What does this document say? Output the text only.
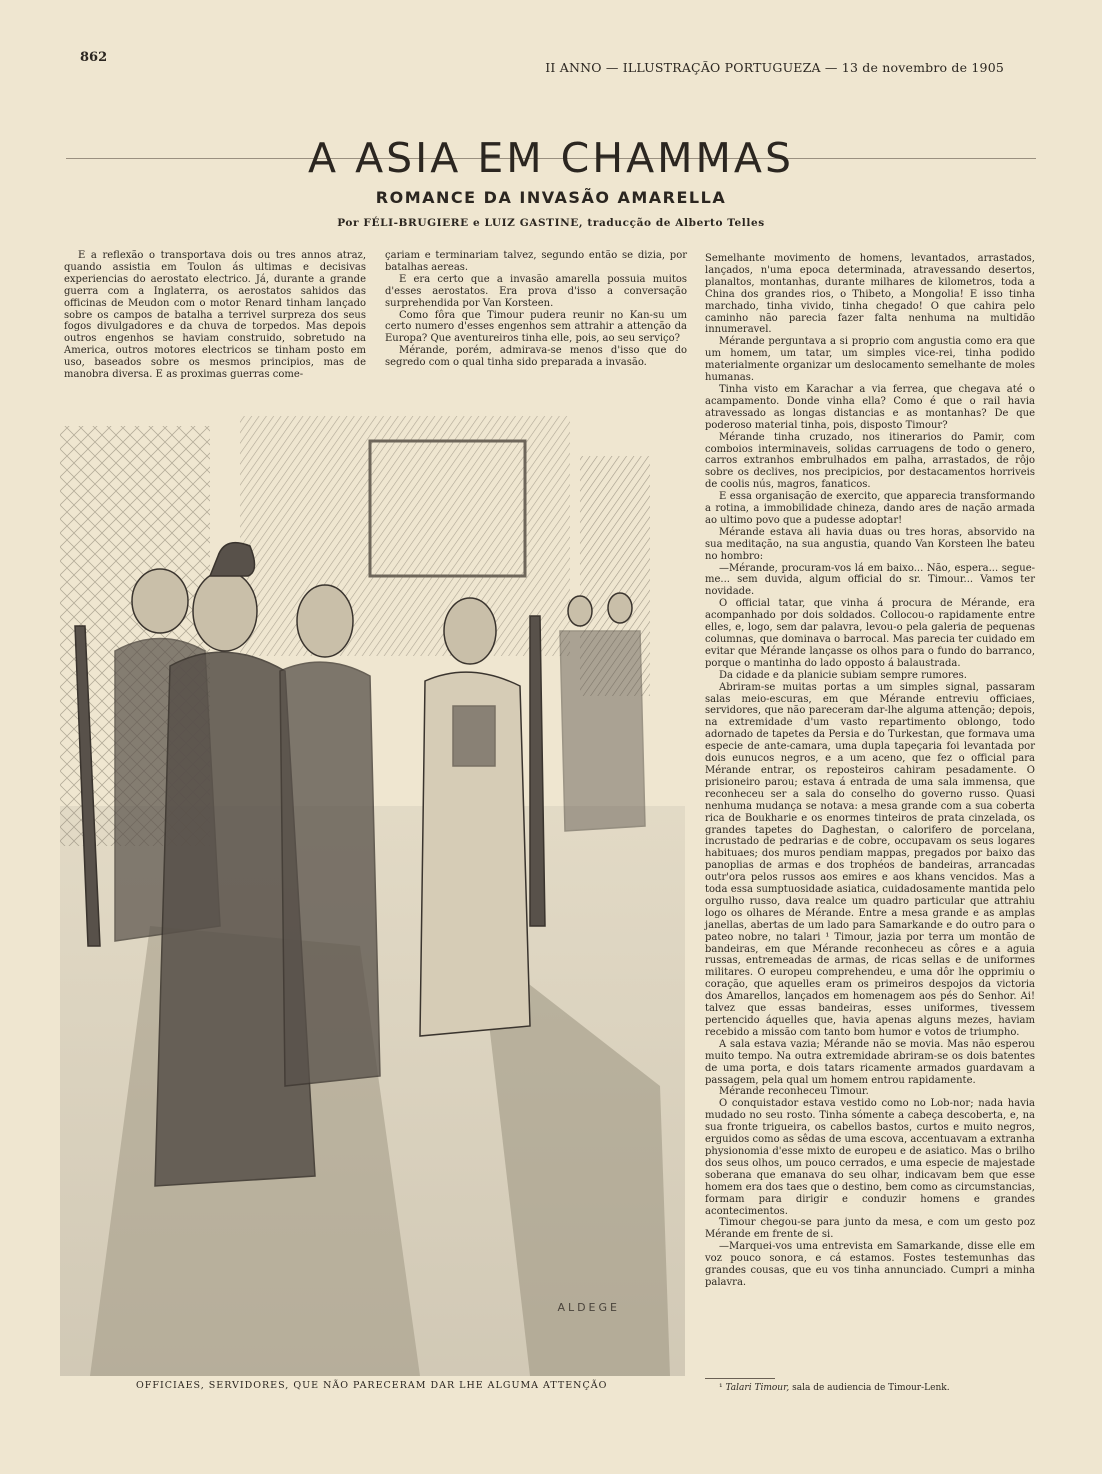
862
II ANNO — ILLUSTRAÇÃO PORTUGUEZA — 13 de novembro de 1905
A ASIA EM CHAMMAS
ROMANCE DA INVASÃO AMARELLA
Por FÉLI-BRUGIERE e LUIZ GASTINE, traducção de Alberto Telles

E a reflexão o transportava dois ou tres annos atraz, quando assistia em Toulon ás ultimas e decisivas experiencias do aerostato electrico. Já, durante a grande guerra com a Inglaterra, os aerostatos sahidos das officinas de Meudon com o motor Renard tinham lançado sobre os campos de batalha a terrivel surpreza dos seus fogos divulgadores e da chuva de torpedos. Mas depois outros engenhos se haviam construido, sobretudo na America, outros motores electricos se tinham posto em uso, baseados sobre os mesmos principios, mas de manobra diversa. E as proximas guerras come-

çariam e terminariam talvez, segundo então se dizia, por batalhas aereas.

E era certo que a invasão amarella possuia muitos d'esses aerostatos. Era prova d'isso a conversação surprehendida por Van Korsteen.

Como fôra que Timour pudera reunir no Kan-su um certo numero d'esses engenhos sem attrahir a attenção da Europa? Que aventureiros tinha elle, pois, ao seu serviço?

Mérande, porém, admirava-se menos d'isso que do segredo com o qual tinha sido preparada a invasão.

Semelhante movimento de homens, levantados, arrastados, lançados, n'uma epoca determinada, atravessando desertos, planaltos, montanhas, durante milhares de kilometros, toda a China dos grandes rios, o Thibeto, a Mongolia! E isso tinha marchado, tinha vivido, tinha chegado! O que cahira pelo caminho não parecia fazer falta nenhuma na multidão innumeravel.

Mérande perguntava a si proprio com angustia como era que um homem, um tatar, um simples vice-rei, tinha podido materialmente organizar um deslocamento semelhante de moles humanas.

Tinha visto em Karachar a via ferrea, que chegava até o acampamento. Donde vinha ella? Como é que o rail havia atravessado as longas distancias e as montanhas? De que poderoso material tinha, pois, disposto Timour?

Mérande tinha cruzado, nos itinerarios do Pamir, com comboios interminaveis, solidas carruagens de todo o genero, carros extranhos embrulhados em palha, arrastados, de rôjo sobre os declives, nos precipicios, por destacamentos horriveis de coolis nús, magros, fanaticos.

E essa organisação de exercito, que apparecia transformando a rotina, a immobilidade chineza, dando ares de nação armada ao ultimo povo que a pudesse adoptar!

Mérande estava ali havia duas ou tres horas, absorvido na sua meditação, na sua angustia, quando Van Korsteen lhe bateu no hombro:

—Mérande, procuram-vos lá em baixo... Não, espera... segue-me... sem duvida, algum official do sr. Timour... Vamos ter novidade.

O official tatar, que vinha á procura de Mérande, era acompanhado por dois soldados. Collocou-o rapidamente entre elles, e, logo, sem dar palavra, levou-o pela galeria de pequenas columnas, que dominava o barrocal. Mas parecia ter cuidado em evitar que Mérande lançasse os olhos para o fundo do barranco, porque o mantinha do lado opposto á balaustrada.

Da cidade e da planicie subiam sempre rumores.

Abriram-se muitas portas a um simples signal, passaram salas meio-escuras, em que Mérande entreviu officiaes, servidores, que não pareceram dar-lhe alguma attenção; depois, na extremidade d'um vasto repartimento oblongo, todo adornado de tapetes da Persia e do Turkestan, que formava uma especie de ante-camara, uma dupla tapeçaria foi levantada por dois eunucos negros, e a um aceno, que fez o official para Mérande entrar, os reposteiros cahiram pesadamente. O prisioneiro parou; estava á entrada de uma sala immensa, que reconheceu ser a sala do conselho do governo russo. Quasi nenhuma mudança se notava: a mesa grande com a sua coberta rica de Boukharie e os enormes tinteiros de prata cinzelada, os grandes tapetes do Daghestan, o calorifero de porcelana, incrustado de pedrarias e de cobre, occupavam os seus logares habituaes; dos muros pendiam mappas, pregados por baixo das panoplias de armas e dos trophéos de bandeiras, arrancadas outr'ora pelos russos aos emires e aos khans vencidos. Mas a toda essa sumptuosidade asiatica, cuidadosamente mantida pelo orgulho russo, dava realce um quadro particular que attrahiu logo os olhares de Mérande. Entre a mesa grande e as amplas janellas, abertas de um lado para Samarkande e do outro para o pateo nobre, no talari ¹ Timour, jazia por terra um montão de bandeiras, em que Mérande reconheceu as côres e a aguia russas, entremeadas de armas, de ricas sellas e de uniformes militares. O europeu comprehendeu, e uma dôr lhe opprimiu o coração, que aquelles eram os primeiros despojos da victoria dos Amarellos, lançados em homenagem aos pés do Senhor. Ai! talvez que essas bandeiras, esses uniformes, tivessem pertencido áquelles que, havia apenas alguns mezes, haviam recebido a missão com tanto bom humor e votos de triumpho.

A sala estava vazia; Mérande não se movia. Mas não esperou muito tempo. Na outra extremidade abriram-se os dois batentes de uma porta, e dois tatars ricamente armados guardavam a passagem, pela qual um homem entrou rapidamente.

Mérande reconheceu Timour.

O conquistador estava vestido como no Lob-nor; nada havia mudado no seu rosto. Tinha sómente a cabeça descoberta, e, na sua fronte trigueira, os cabellos bastos, curtos e muito negros, erguidos como as sêdas de uma escova, accentuavam a extranha physionomia d'esse mixto de europeu e de asiatico. Mas o brilho dos seus olhos, um pouco cerrados, e uma especie de majestade soberana que emanava do seu olhar, indicavam bem que esse homem era dos taes que o destino, bem como as circumstancias, formam para dirigir e conduzir homens e grandes acontecimentos.

Timour chegou-se para junto da mesa, e com um gesto poz Mérande em frente de si.

—Marquei-vos uma entrevista em Samarkande, disse elle em voz pouco sonora, e cá estamos. Fostes testemunhas das grandes cousas, que eu vos tinha annunciado. Cumpri a minha palavra.

ALDEGE
OFFICIAES, SERVIDORES, QUE NÃO PARECERAM DAR LHE ALGUMA ATTENÇÃO	¹ Talari Timour, sala de audiencia de Timour-Lenk.
